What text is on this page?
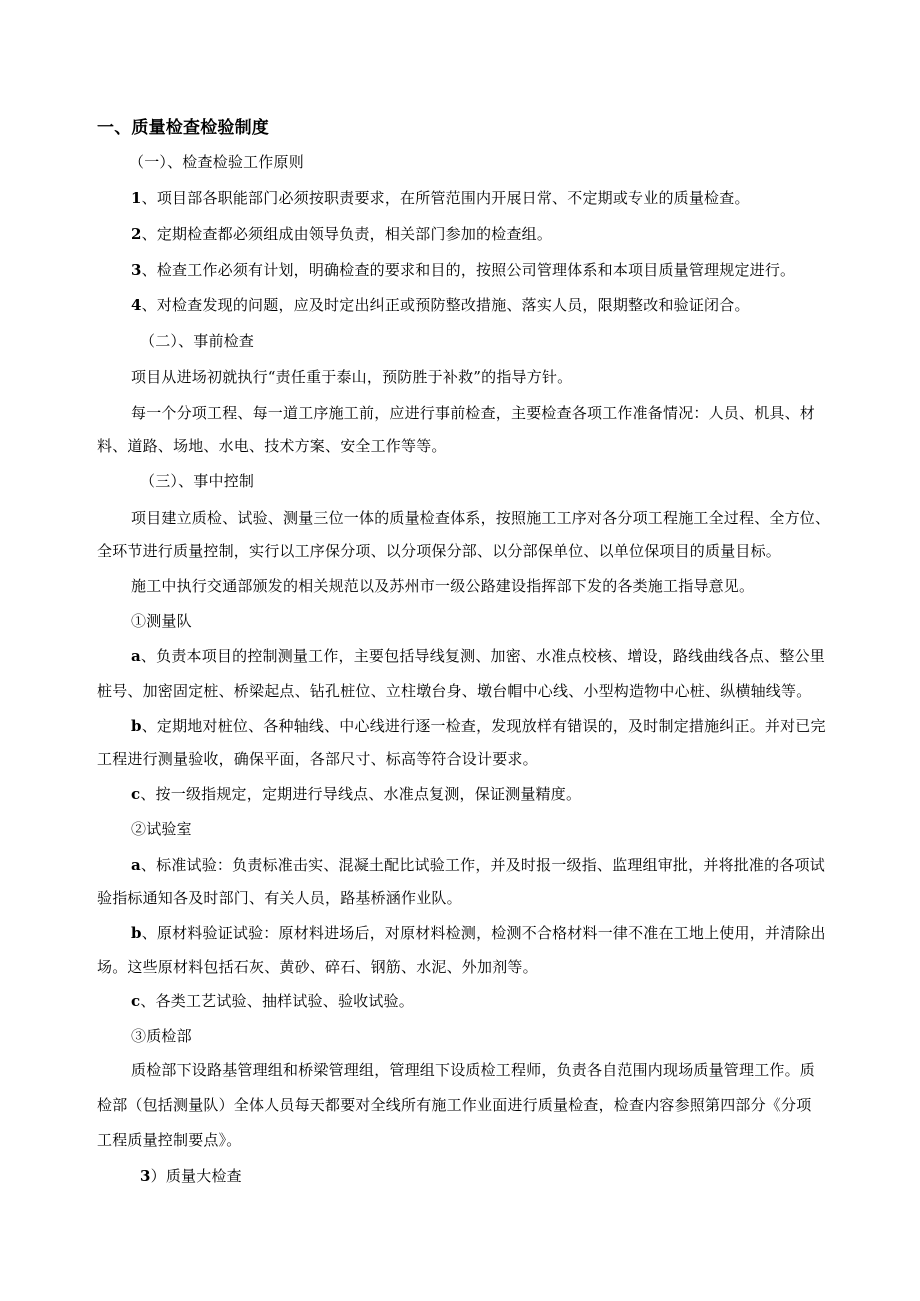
一、质量检查检验制度
（一）、检查检验工作原则
1、项目部各职能部门必须按职责要求，在所管范围内开展日常、不定期或专业的质量检查。
2、定期检查都必须组成由领导负责，相关部门参加的检查组。
3、检查工作必须有计划，明确检查的要求和目的，按照公司管理体系和本项目质量管理规定进行。
4、对检查发现的问题，应及时定出纠正或预防整改措施、落实人员，限期整改和验证闭合。
（二）、事前检查
项目从进场初就执行“责任重于泰山，预防胜于补救”的指导方针。
每一个分项工程、每一道工序施工前，应进行事前检查，主要检查各项工作准备情况：人员、机具、材
料、道路、场地、水电、技术方案、安全工作等等。
（三）、事中控制
项目建立质检、试验、测量三位一体的质量检查体系，按照施工工序对各分项工程施工全过程、全方位、
全环节进行质量控制，实行以工序保分项、以分项保分部、以分部保单位、以单位保项目的质量目标。
施工中执行交通部颁发的相关规范以及苏州市一级公路建设指挥部下发的各类施工指导意见。
①测量队
a、负责本项目的控制测量工作，主要包括导线复测、加密、水准点校核、增设，路线曲线各点、整公里
桩号、加密固定桩、桥梁起点、钻孔桩位、立柱墩台身、墩台帽中心线、小型构造物中心桩、纵横轴线等。
b、定期地对桩位、各种轴线、中心线进行逐一检查，发现放样有错误的，及时制定措施纠正。并对已完
工程进行测量验收，确保平面，各部尺寸、标高等符合设计要求。
c、按一级指规定，定期进行导线点、水准点复测，保证测量精度。
②试验室
a、标准试验：负责标准击实、混凝土配比试验工作，并及时报一级指、监理组审批，并将批准的各项试
验指标通知各及时部门、有关人员，路基桥涵作业队。
b、原材料验证试验：原材料进场后，对原材料检测，检测不合格材料一律不准在工地上使用，并清除出
场。这些原材料包括石灰、黄砂、碎石、钢筋、水泥、外加剂等。
c、各类工艺试验、抽样试验、验收试验。
③质检部
质检部下设路基管理组和桥梁管理组，管理组下设质检工程师，负责各自范围内现场质量管理工作。质
检部（包括测量队）全体人员每天都要对全线所有施工作业面进行质量检查，检查内容参照第四部分《分项
工程质量控制要点》。
3）质量大检查
